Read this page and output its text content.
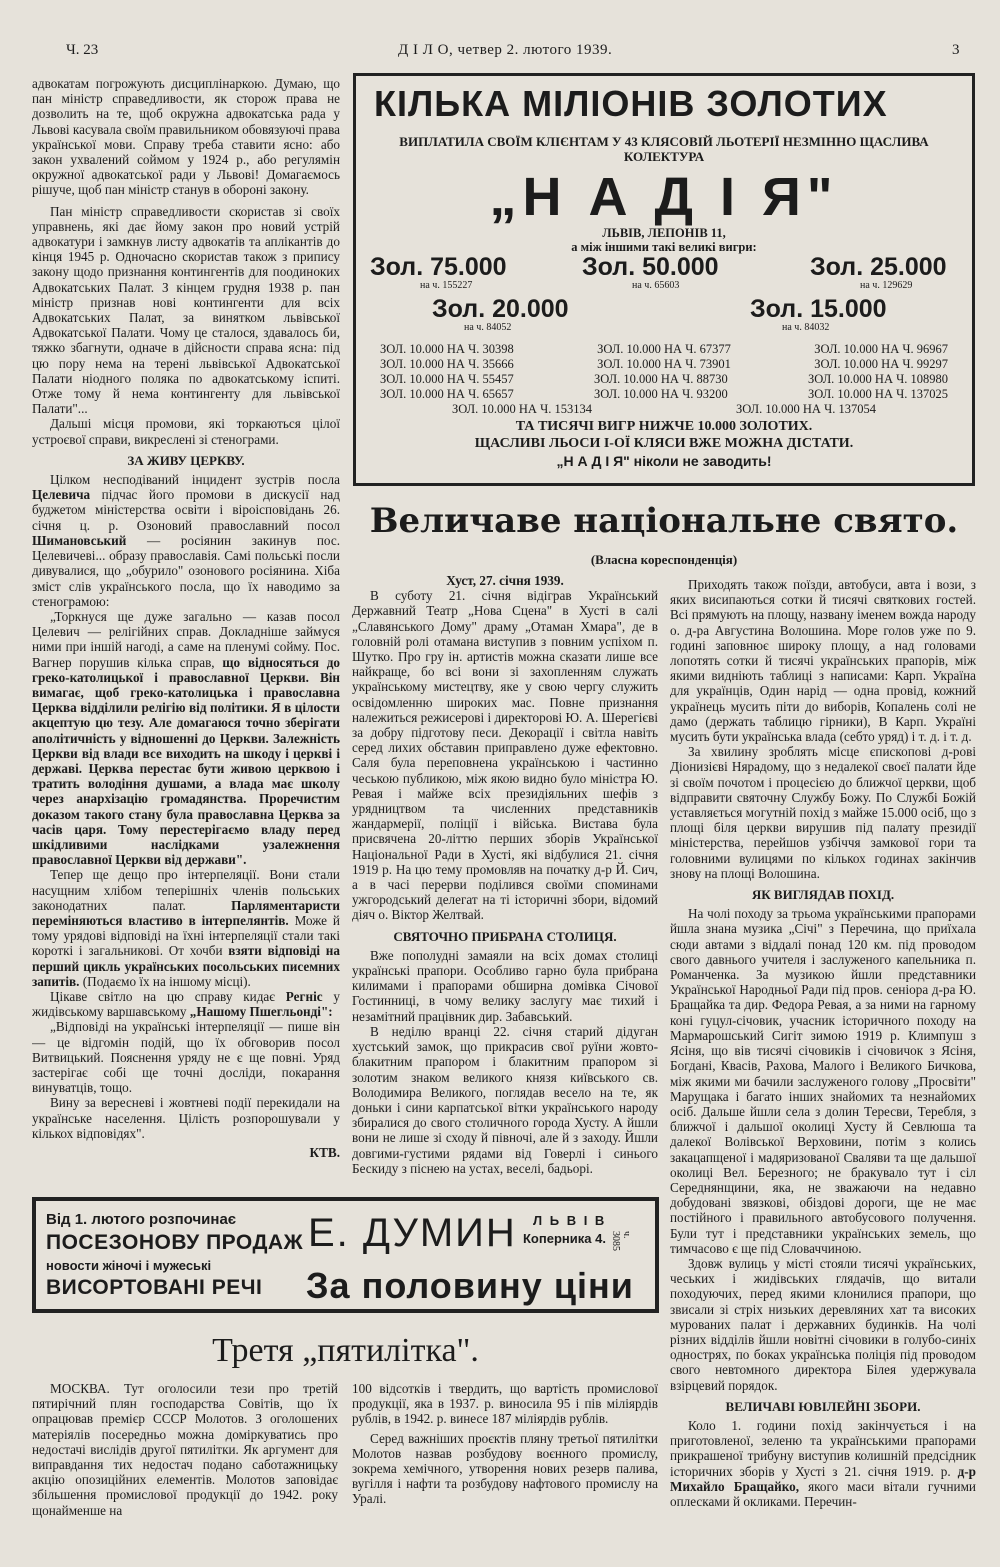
Ч. 23	Д І Л О, четвер 2. лютого 1939.	3

адвокатам погрожують дисциплінаркою. Думаю, що пан міністр справедливости, як сторож права не дозволить на те, щоб окружна адвокатська рада у Львові касувала своїм правильником обовязуючі права української мови. Справу треба ставити ясно: або закон ухвалений соймом у 1924 р., або регулямін окружної адвокатської ради у Львові! Домагаємось рішуче, щоб пан міністр станув в обороні закону.

Пан міністр справедливости скористав зі своїх управнень, які дає йому закон про новий устрій адвокатури і замкнув листу адвокатів та аплікантів до кінця 1945 р. Одночасно скористав також з припису закону щодо признання контингентів для поодиноких Адвокатських Палат. З кінцем грудня 1938 р. пан міністр признав нові контингенти для всіх Адвокатських Палат, за винятком львівської Адвокатської Палати. Чому це сталося, здавалось би, тяжко збагнути, одначе в дійсности справа ясна: під цю пору нема на терені львівської Адвокатської Палати ніодного поляка по адвокатському іспиті. Отже тому й нема контингенту для львівської Палати"...

Дальші місця промови, які торкаються цілої устроєвої справи, викреслені зі стенограми.

ЗА ЖИВУ ЦЕРКВУ.

Цілком несподіваний інцидент зустрів посла Целевича підчас його промови в дискусії над буджетом міністерства освіти і віроісповідань 26. січня ц. р. Озоновий православний посол Шимановський — росіянин закинув пос. Целевичеві... образу православія. Самі польські посли дивувалися, що „обурило" озонового росіянина. Хіба зміст слів українського посла, що їх наводимо за стенограмою:

„Торкнуся ще дуже загально — казав посол Целевич — релігійних справ. Докладніше займуся ними при іншій нагоді, а саме на пленумі сойму. Пос. Вагнер порушив кілька справ, що відносяться до греко-католицької і православної Церкви. Він вимагає, щоб греко-католицька і православна Церква відділили релігію від політики. Я в цілости акцептую цю тезу. Але домагаюся точно зберігати аполітичність у відношенні до Церкви. Залежність Церкви від влади все виходить на шкоду і церкві і державі. Церква перестає бути живою церквою і тратить володіння душами, а влада має школу через анархізацію громадянства. Проречистим доказом такого стану була православна Церква за часів царя. Тому перестерігаємо владу перед шкідливими наслідками узалежнення православної Церкви від держави".

Тепер ще дещо про інтерпеляції. Вони стали насущним хлібом теперішніх членів польських законодатних палат. Парляментаристи переміняються властиво в інтерпелянтів. Може й тому урядові відповіді на їхні інтерпеляції стали такі короткі і загальникові. От хочби взяти відповіді на перший цикль українських посольських писемних запитів. (Подаємо їх на іншому місці).

Цікаве світло на цю справу кидає Регніс у жидівському варшавському „Нашому Пшегльонді":

„Відповіді на українські інтерпеляції — пише він — це відгомін подій, що їх обговорив посол Витвицький. Пояснення уряду не є ще повні. Уряд застерігає собі ще точні досліди, покарання винуватців, тощо.

Вину за вересневі і жовтневі події перекидали на українське населення. Цілість розпорошували у кількох відповідях".

КТВ.
КІЛЬКА МІЛІОНІВ ЗОЛОТИХ
ВИПЛАТИЛА СВОЇМ КЛІЄНТАМ У 43 КЛЯСОВІЙ ЛЬОТЕРІЇ НЕЗМІННО ЩАСЛИВА КОЛЕКТУРА
„Н А Д І Я"
ЛЬВІВ, ЛЕПОНІВ 11,
а між іншими такі великі вигри:
Зол. 75.000
на ч. 155227
Зол. 50.000
на ч. 65603
Зол. 25.000
на ч. 129629
Зол. 20.000
на ч. 84052
Зол. 15.000
на ч. 84032
ЗОЛ. 10.000 НА Ч. 30398	ЗОЛ. 10.000 НА Ч. 67377	ЗОЛ. 10.000 НА Ч. 96967
ЗОЛ. 10.000 НА Ч. 35666	ЗОЛ. 10.000 НА Ч. 73901	ЗОЛ. 10.000 НА Ч. 99297
ЗОЛ. 10.000 НА Ч. 55457	ЗОЛ. 10.000 НА Ч. 88730	ЗОЛ. 10.000 НА Ч. 108980
ЗОЛ. 10.000 НА Ч. 65657	ЗОЛ. 10.000 НА Ч. 93200	ЗОЛ. 10.000 НА Ч. 137025
ЗОЛ. 10.000 НА Ч. 153134	ЗОЛ. 10.000 НА Ч. 137054
ТА ТИСЯЧІ ВИГР НИЖЧЕ 10.000 ЗОЛОТИХ.
ЩАСЛИВІ ЛЬОСИ І-ОЇ КЛЯСИ ВЖЕ МОЖНА ДІСТАТИ.
„Н А Д І Я" ніколи не заводить!
Величаве національне свято.
(Власна кореспонденція)
Хуст, 27. січня 1939.

В суботу 21. січня відіграв Український Державний Театр „Нова Сцена" в Хусті в салі „Славянського Дому" драму „Отаман Хмара", де в головній ролі отамана виступив з повним успіхом п. Шутко. Про гру ін. артистів можна сказати лише все найкраще, бо всі вони зі захопленням служать українському мистецтву, яке у свою чергу служить освідомленню широких мас. Повне признання належиться режисерові і директорові Ю. А. Шерегієві за добру підготову песи. Декорації і світла навіть серед лихих обставин приправлено дуже ефектовно. Саля була переповнена українською і частинно чеською публикою, між якою видно було міністра Ю. Ревая і майже всіх президіяльних шефів з урядництвом та численних представників жандармерії, поліції і війська. Вистава була присвячена 20-літтю перших зборів Української Національної Ради в Хусті, які відбулися 21. січня 1919 р. На цю тему промовляв на початку д-р Й. Сич, а в часі перерви поділився своїми споминами ужгородський делегат на ті історичні збори, відомий діяч о. Віктор Желтвай.

СВЯТОЧНО ПРИБРАНА СТОЛИЦЯ.

Вже пополудні замаяли на всіх домах столиці українські прапори. Особливо гарно була прибрана килимами і прапорами обширна домівка Січової Гостинниці, в чому велику заслугу має тихий і незамітний працівник дир. Забавський.

В неділю вранці 22. січня старий дідуган хустський замок, що прикрасив свої руїни жовто-блакитним прапором і блакитним прапором зі золотим знаком великого князя київського св. Володимира Великого, поглядав весело на те, як доньки і сини карпатської вітки українського народу збиралися до свого столичного города Хусту. А йшли вони не лише зі сходу й півночі, але й з заходу. Йшли довгими-густими рядами від Говерлі і синього Бескиду з піснею на устах, веселі, бадьорі.

Приходять також поїзди, автобуси, авта і вози, з яких висипаються сотки й тисячі святкових гостей. Всі прямують на площу, названу іменем вожда народу о. д-ра Августина Волошина. Море голов уже по 9. годині заповнює широку площу, а над головами лопотять сотки й тисячі українських прапорів, між якими видніють таблиці з написами: Карп. Україна для українців, Один нарід — одна провід, кожний українець мусить піти до виборів, Копалень солі не дамо (держать таблицю гірники), В Карп. Україні мусить бути українська влада (себто уряд) і т. д. і т. д.

За хвилину зроблять місце єпископові д-рові Діонизієві Нярадому, що з недалекої своєї палати йде зі своїм почотом і процесією до ближчої церкви, щоб відправити святочну Службу Божу. По Службі Божій уставляється могутній похід з майже 15.000 осіб, що з площі біля церкви вирушив під палату президії міністерства, перейшов узбіччя замкової гори та головними вулицями по кількох годинах закінчив знову на площі Волошина.

ЯК ВИГЛЯДАВ ПОХІД.

На чолі походу за трьома українськими прапорами йшла знана музика „Січі" з Перечина, що приїхала сюди автами з віддалі понад 120 км. під проводом свого давнього учителя і заслуженого капельника п. Романченка. За музикою йшли представники Української Народньої Ради під пров. сеніора д-ра Ю. Бращайка та дир. Федора Ревая, а за ними на гарному коні гуцул-січовик, учасник історичного походу на Мармарошський Сигіт зимою 1919 р. Климпуш з Ясіня, що вів тисячі січовиків і січовичок з Ясіня, Богдані, Квасів, Рахова, Малого і Великого Бичкова, між якими ми бачили заслуженого голову „Просвіти" Марущака і багато інших знайомих та незнайомих осіб. Дальше йшли села з долин Тересви, Теребля, з ближчої і дальшої околиці Хусту й Севлюша та далекої Волівської Верховини, потім з колись закацапщеної і мадяризованої Сваляви та ще дальшої околиці Вел. Березного; не бракувало тут і сіл Середнянщини, яка, не зважаючи на недавно добудовані звязкові, обіздові дороги, ще не має постійного і правильного автобусового получення. Були тут і представники українських земель, що тимчасово є ще під Словаччиною.

Здовж вулиць у місті стояли тисячі українських, чеських і жидівських глядачів, що витали походуючих, перед якими клонилися прапори, що звисали зі стріх низьких деревляних хат та високих мурованих палат і державних будинків. На чолі різних відділів йшли новітні січовики в голубо-синіх однострях, по боках українська поліція під проводом свого невтомного директора Білея удержувала взірцевий порядок.

ВЕЛИЧАВІ ЮВІЛЕЙНІ ЗБОРИ.

Коло 1. години похід закінчується і на приготовленої, зеленю та українськими прапорами прикрашеної трибуну виступив колишній предсідник історичних зборів у Хусті з 21. січня 1919. р. д-р Михайло Бращайко, якого маси вітали гучними оплесками й окликами. Перечин-

Від 1. лютого розпочинає
ПОСЕЗОНОВУ ПРОДАЖ
новости жіночі і мужеські
ВИСОРТОВАНІ РЕЧІ
Е. ДУМИН Л Ь В І В
Коперника 4.
За половину ціни
ч. 3085
Третя „пятилітка".

МОСКВА. Тут оголосили тези про третій пятирічний плян господарства Совітів, що їх опрацював премієр СССР Молотов. З оголошених матеріялів посередньо можна доміркуватись про недостачі вислідів другої пятилітки. Як аргумент для виправдання тих недостач подано саботажницьку акцію опозиційних елементів. Молотов заповідає збільшення промислової продукції до 1942. року щонайменше на

100 відсотків і твердить, що вартість промислової продукції, яка в 1937. р. виносила 95 і пів міліярдів рублів, в 1942. р. винесе 187 міліярдів рублів.

Серед важніших проєктів пляну третьої пятилітки Молотов назвав розбудову воєнного промислу, зокрема хемічного, утворення нових резерв палива, вугілля і нафти та розбудову нафтового промислу на Уралі.
